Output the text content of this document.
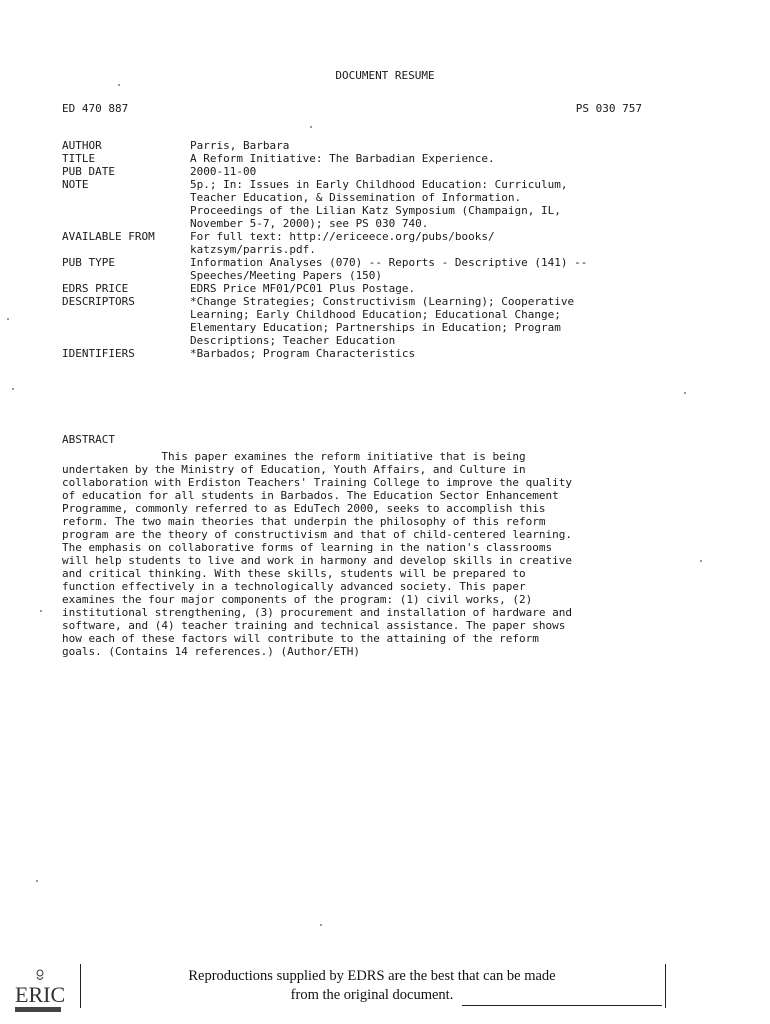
DOCUMENT RESUME
ED 470 887	PS 030 757
AUTHOR	Parris, Barbara
TITLE	A Reform Initiative: The Barbadian Experience.
PUB DATE	2000-11-00
NOTE	5p.; In: Issues in Early Childhood Education: Curriculum,
Teacher Education, & Dissemination of Information.
Proceedings of the Lilian Katz Symposium (Champaign, IL,
November 5-7, 2000); see PS 030 740.
AVAILABLE FROM	For full text: http://ericeece.org/pubs/books/
katzsym/parris.pdf.
PUB TYPE	Information Analyses (070) -- Reports - Descriptive (141) --
Speeches/Meeting Papers (150)
EDRS PRICE	EDRS Price MF01/PC01 Plus Postage.
DESCRIPTORS	*Change Strategies; Constructivism (Learning); Cooperative
Learning; Early Childhood Education; Educational Change;
Elementary Education; Partnerships in Education; Program
Descriptions; Teacher Education
IDENTIFIERS	*Barbados; Program Characteristics
ABSTRACT
This paper examines the reform initiative that is being
undertaken by the Ministry of Education, Youth Affairs, and Culture in
collaboration with Erdiston Teachers' Training College to improve the quality
of education for all students in Barbados. The Education Sector Enhancement
Programme, commonly referred to as EduTech 2000, seeks to accomplish this
reform. The two main theories that underpin the philosophy of this reform
program are the theory of constructivism and that of child-centered learning.
The emphasis on collaborative forms of learning in the nation's classrooms
will help students to live and work in harmony and develop skills in creative
and critical thinking. With these skills, students will be prepared to
function effectively in a technologically advanced society. This paper
examines the four major components of the program: (1) civil works, (2)
institutional strengthening, (3) procurement and installation of hardware and
software, and (4) teacher training and technical assistance. The paper shows
how each of these factors will contribute to the attaining of the reform
goals. (Contains 14 references.) (Author/ETH)
ERIC
Reproductions supplied by EDRS are the best that can be made
from the original document.
